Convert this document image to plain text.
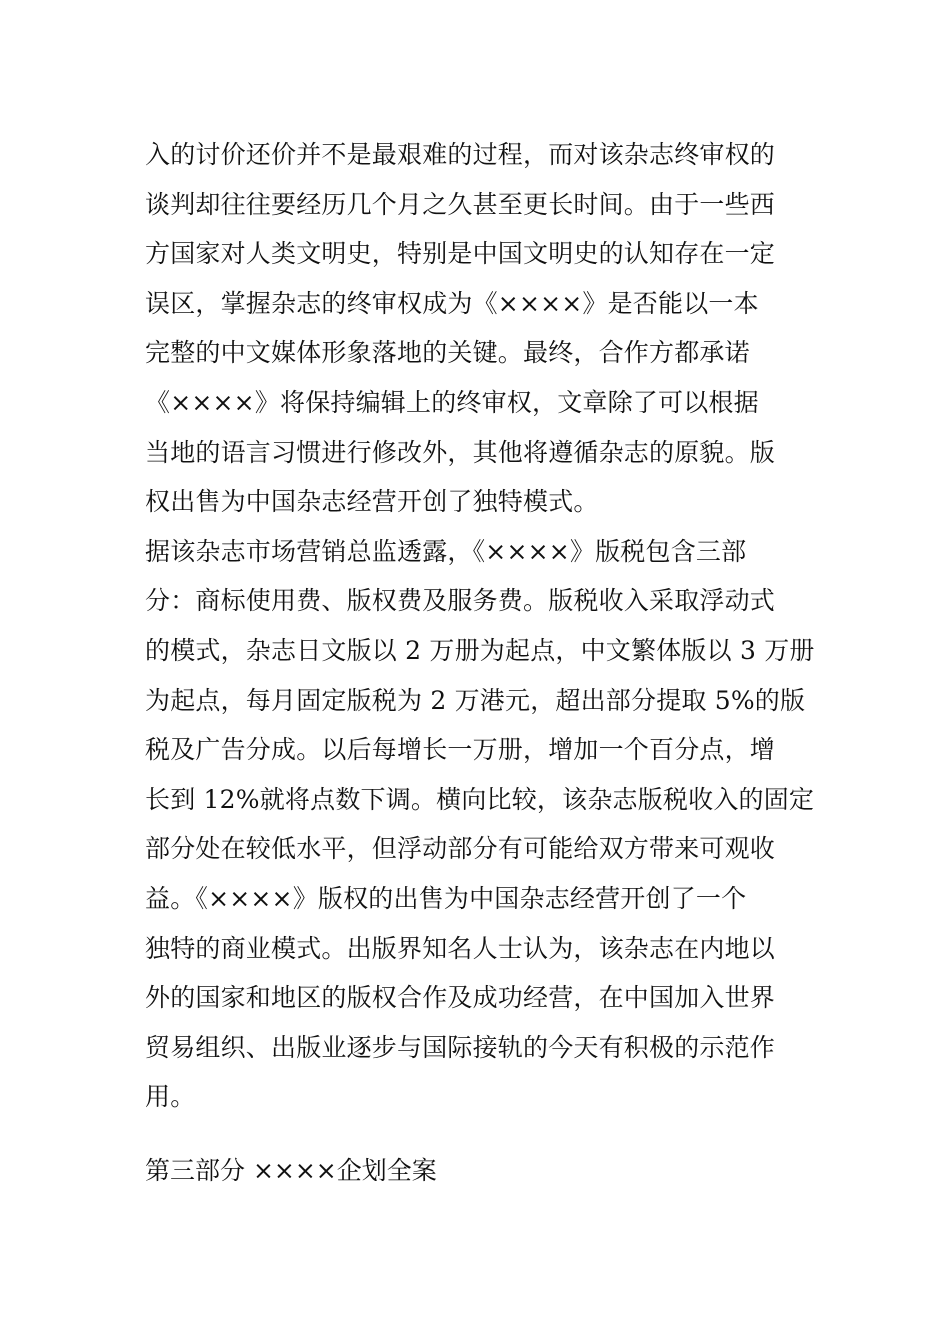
入的讨价还价并不是最艰难的过程，而对该杂志终审权的
谈判却往往要经历几个月之久甚至更长时间。由于一些西
方国家对人类文明史，特别是中国文明史的认知存在一定
误区，掌握杂志的终审权成为《××××》是否能以一本
完整的中文媒体形象落地的关键。最终，合作方都承诺
《××××》将保持编辑上的终审权，文章除了可以根据
当地的语言习惯进行修改外，其他将遵循杂志的原貌。版
权出售为中国杂志经营开创了独特模式。
据该杂志市场营销总监透露，《××××》版税包含三部
分：商标使用费、版权费及服务费。版税收入采取浮动式
的模式，杂志日文版以 2 万册为起点，中文繁体版以 3 万册
为起点，每月固定版税为 2 万港元，超出部分提取 5%的版
税及广告分成。以后每增长一万册，增加一个百分点，增
长到 12%就将点数下调。横向比较，该杂志版税收入的固定
部分处在较低水平，但浮动部分有可能给双方带来可观收
益。《××××》版权的出售为中国杂志经营开创了一个
独特的商业模式。出版界知名人士认为，该杂志在内地以
外的国家和地区的版权合作及成功经营，在中国加入世界
贸易组织、出版业逐步与国际接轨的今天有积极的示范作
用。
第三部分 ××××企划全案
